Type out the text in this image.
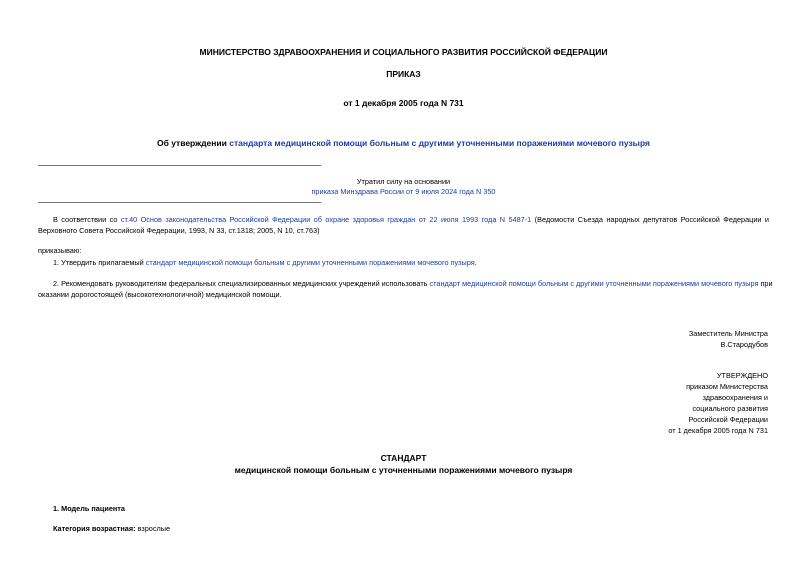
МИНИСТЕРСТВО ЗДРАВООХРАНЕНИЯ И СОЦИАЛЬНОГО РАЗВИТИЯ РОССИЙСКОЙ ФЕДЕРАЦИИ
ПРИКАЗ
от 1 декабря 2005 года N 731
Об утверждении стандарта медицинской помощи больным с другими уточненными поражениями мочевого пузыря
Утратил силу на основании
приказа Минздрава России от 9 июля 2024 года N 350
В соответствии со ст.40 Основ законодательства Российской Федерации об охране здоровья граждан от 22 июля 1993 года N 5487-1 (Ведомости Съезда народных депутатов Российской Федерации и
Верховного Совета Российской Федерации, 1993, N 33, ст.1318; 2005, N 10, ст.763)
приказываю:
1. Утвердить прилагаемый стандарт медицинской помощи больным с другими уточненными поражениями мочевого пузыря.
2. Рекомендовать руководителям федеральных специализированных медицинских учреждений использовать стандарт медицинской помощи больным с другими уточненными поражениями мочевого пузыря при
оказании дорогостоящей (высокотехнологичной) медицинской помощи.
Заместитель Министра
В.Стародубов
УТВЕРЖДЕНО
приказом Министерства
здравоохранения и
социального развития
Российской Федерации
от 1 декабря 2005 года N 731
СТАНДАРТ
медицинской помощи больным с уточненными поражениями мочевого пузыря
1. Модель пациента
Категория возрастная: взрослые
